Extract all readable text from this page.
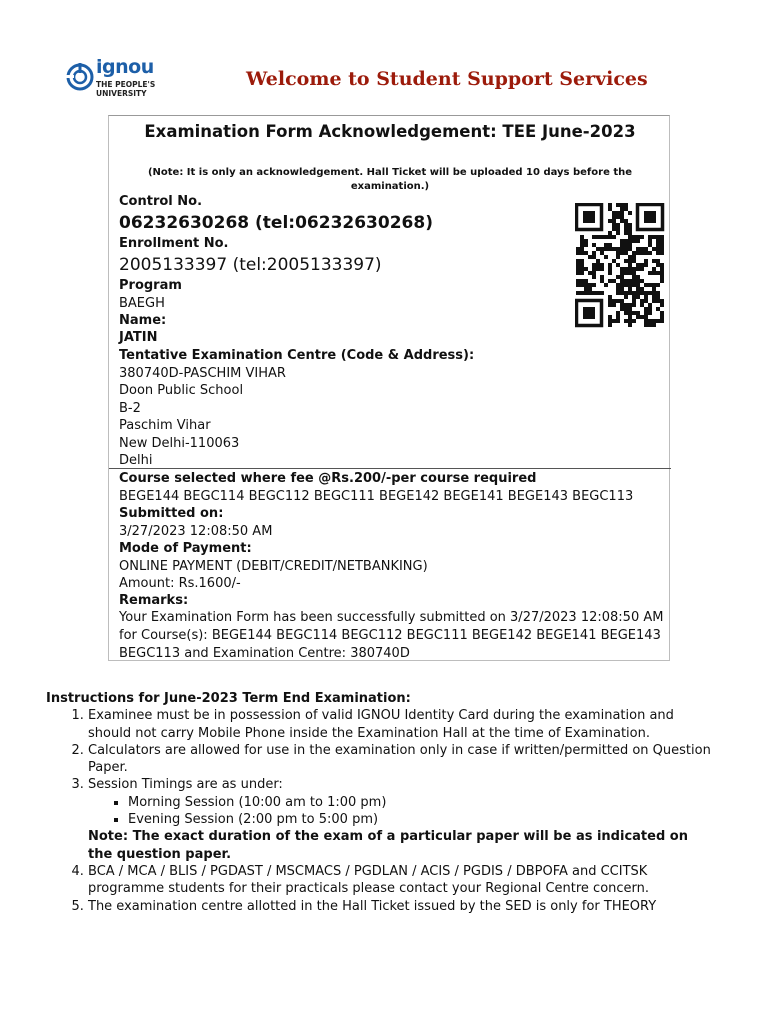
ignou
THE PEOPLE'S
UNIVERSITY
Welcome to Student Support Services
Examination Form Acknowledgement: TEE June-2023
(Note: It is only an acknowledgement. Hall Ticket will be uploaded 10 days before the examination.)
Control No.
06232630268 (tel:06232630268)
Enrollment No.
2005133397 (tel:2005133397)
Program
BAEGH
Name:
JATIN
Tentative Examination Centre (Code & Address):
380740D-PASCHIM VIHAR
Doon Public School
B-2
Paschim Vihar
New Delhi-110063
Delhi
Course selected where fee @Rs.200/-per course required
BEGE144 BEGC114 BEGC112 BEGC111 BEGE142 BEGE141 BEGE143 BEGC113
Submitted on:
3/27/2023 12:08:50 AM
Mode of Payment:
ONLINE PAYMENT (DEBIT/CREDIT/NETBANKING)
Amount: Rs.1600/-
Remarks:
Your Examination Form has been successfully submitted on 3/27/2023 12:08:50 AM for Course(s): BEGE144 BEGC114 BEGC112 BEGC111 BEGE142 BEGE141 BEGE143 BEGC113 and Examination Centre: 380740D
Instructions for June-2023 Term End Examination:
1. Examinee must be in possession of valid IGNOU Identity Card during the examination and should not carry Mobile Phone inside the Examination Hall at the time of Examination.
2. Calculators are allowed for use in the examination only in case if written/permitted on Question Paper.
3. Session Timings are as under:
▪ Morning Session (10:00 am to 1:00 pm)
▪ Evening Session (2:00 pm to 5:00 pm)
Note: The exact duration of the exam of a particular paper will be as indicated on the question paper.
4. BCA / MCA / BLIS / PGDAST / MSCMACS / PGDLAN / ACIS / PGDIS / DBPOFA and CCITSK programme students for their practicals please contact your Regional Centre concern.
5. The examination centre allotted in the Hall Ticket issued by the SED is only for THEORY
